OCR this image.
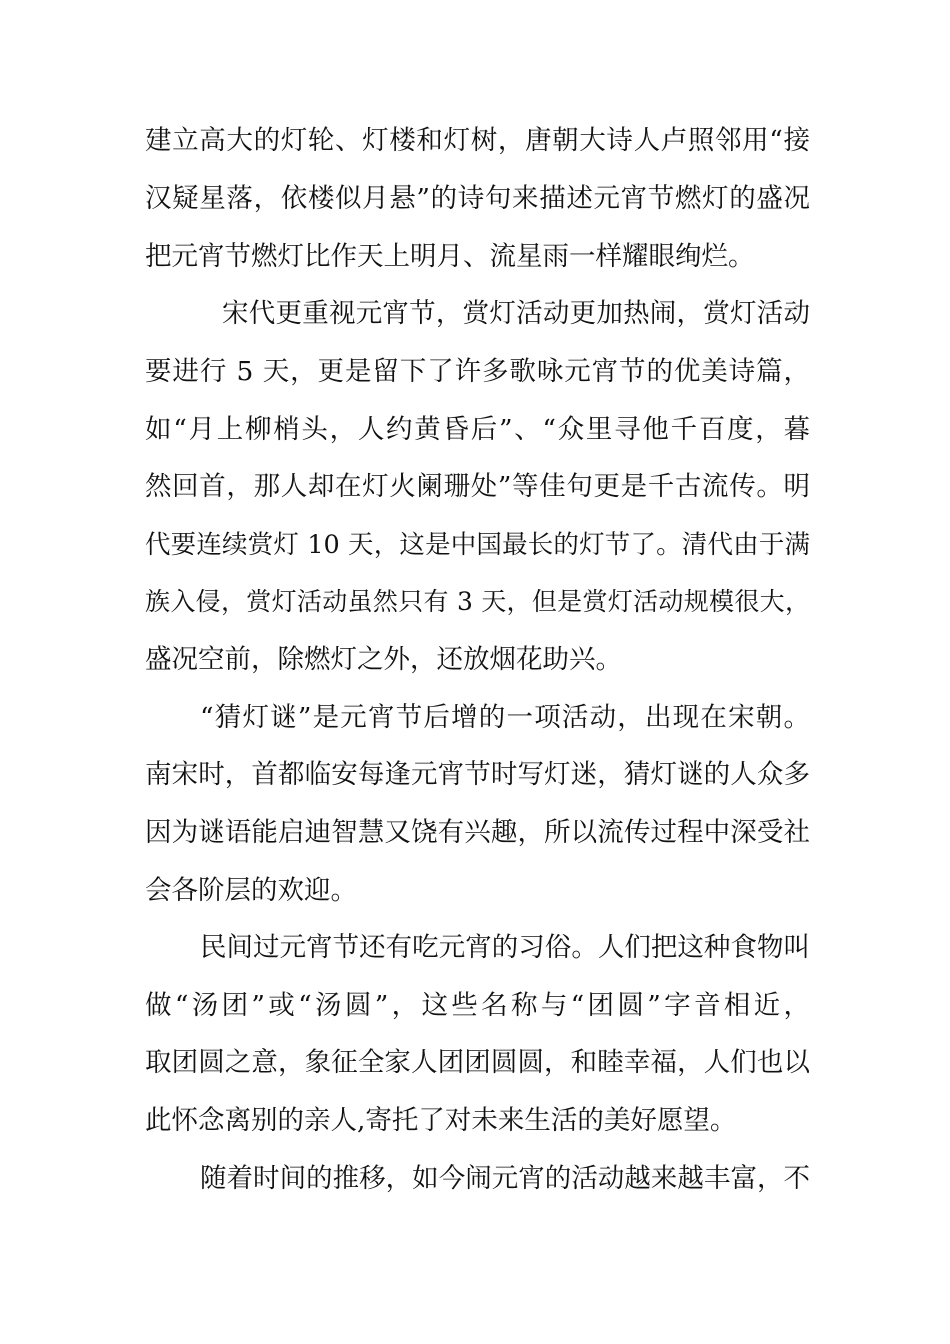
建立高大的灯轮、灯楼和灯树，唐朝大诗人卢照邻用“接
汉疑星落，依楼似月悬”的诗句来描述元宵节燃灯的盛况
把元宵节燃灯比作天上明月、流星雨一样耀眼绚烂。
宋代更重视元宵节，赏灯活动更加热闹，赏灯活动
要进行 5 天，更是留下了许多歌咏元宵节的优美诗篇，
如“月上柳梢头，人约黄昏后”、“众里寻他千百度，暮
然回首，那人却在灯火阑珊处”等佳句更是千古流传。明
代要连续赏灯 10 天，这是中国最长的灯节了。清代由于满
族入侵，赏灯活动虽然只有 3 天，但是赏灯活动规模很大，
盛况空前，除燃灯之外，还放烟花助兴。
“猜灯谜”是元宵节后增的一项活动，出现在宋朝。
南宋时，首都临安每逢元宵节时写灯迷，猜灯谜的人众多
因为谜语能启迪智慧又饶有兴趣，所以流传过程中深受社
会各阶层的欢迎。
民间过元宵节还有吃元宵的习俗。人们把这种食物叫
做“汤团”或“汤圆”，这些名称与“团圆”字音相近，
取团圆之意，象征全家人团团圆圆，和睦幸福，人们也以
此怀念离别的亲人,寄托了对未来生活的美好愿望。
随着时间的推移，如今闹元宵的活动越来越丰富，不
